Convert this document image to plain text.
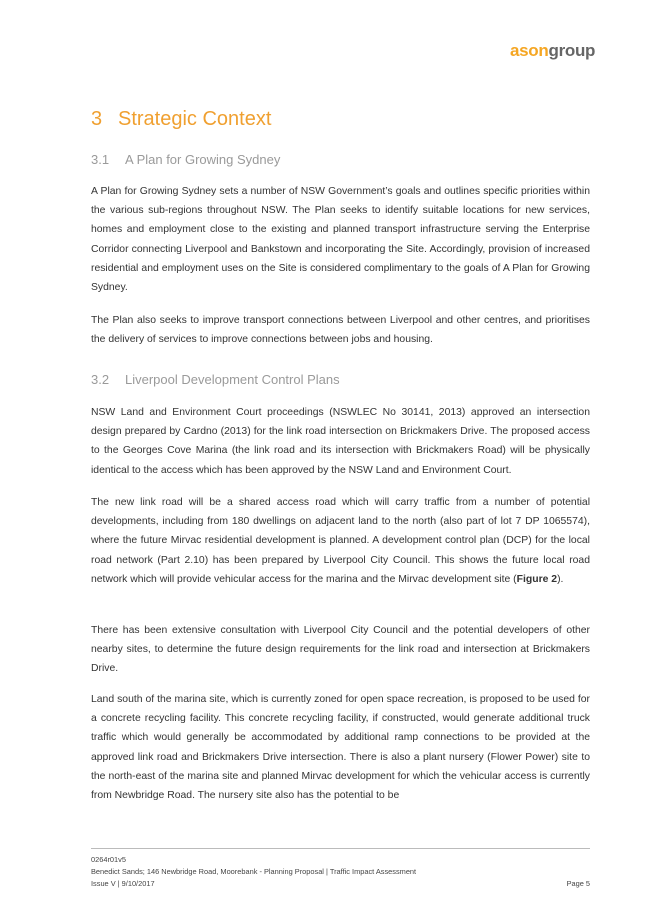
asongroup
3 Strategic Context
3.1 A Plan for Growing Sydney
A Plan for Growing Sydney sets a number of NSW Government’s goals and outlines specific priorities within the various sub-regions throughout NSW. The Plan seeks to identify suitable locations for new services, homes and employment close to the existing and planned transport infrastructure serving the Enterprise Corridor connecting Liverpool and Bankstown and incorporating the Site. Accordingly, provision of increased residential and employment uses on the Site is considered complimentary to the goals of A Plan for Growing Sydney.
The Plan also seeks to improve transport connections between Liverpool and other centres, and prioritises the delivery of services to improve connections between jobs and housing.
3.2 Liverpool Development Control Plans
NSW Land and Environment Court proceedings (NSWLEC No 30141, 2013) approved an intersection design prepared by Cardno (2013) for the link road intersection on Brickmakers Drive. The proposed access to the Georges Cove Marina (the link road and its intersection with Brickmakers Road) will be physically identical to the access which has been approved by the NSW Land and Environment Court.
The new link road will be a shared access road which will carry traffic from a number of potential developments, including from 180 dwellings on adjacent land to the north (also part of lot 7 DP 1065574), where the future Mirvac residential development is planned. A development control plan (DCP) for the local road network (Part 2.10) has been prepared by Liverpool City Council. This shows the future local road network which will provide vehicular access for the marina and the Mirvac development site (Figure 2).
There has been extensive consultation with Liverpool City Council and the potential developers of other nearby sites, to determine the future design requirements for the link road and intersection at Brickmakers Drive.
Land south of the marina site, which is currently zoned for open space recreation, is proposed to be used for a concrete recycling facility. This concrete recycling facility, if constructed, would generate additional truck traffic which would generally be accommodated by additional ramp connections to be provided at the approved link road and Brickmakers Drive intersection. There is also a plant nursery (Flower Power) site to the north-east of the marina site and planned Mirvac development for which the vehicular access is currently from Newbridge Road. The nursery site also has the potential to be
0264r01v5
Benedict Sands; 146 Newbridge Road, Moorebank - Planning Proposal | Traffic Impact Assessment
Issue V | 9/10/2017	Page 5
